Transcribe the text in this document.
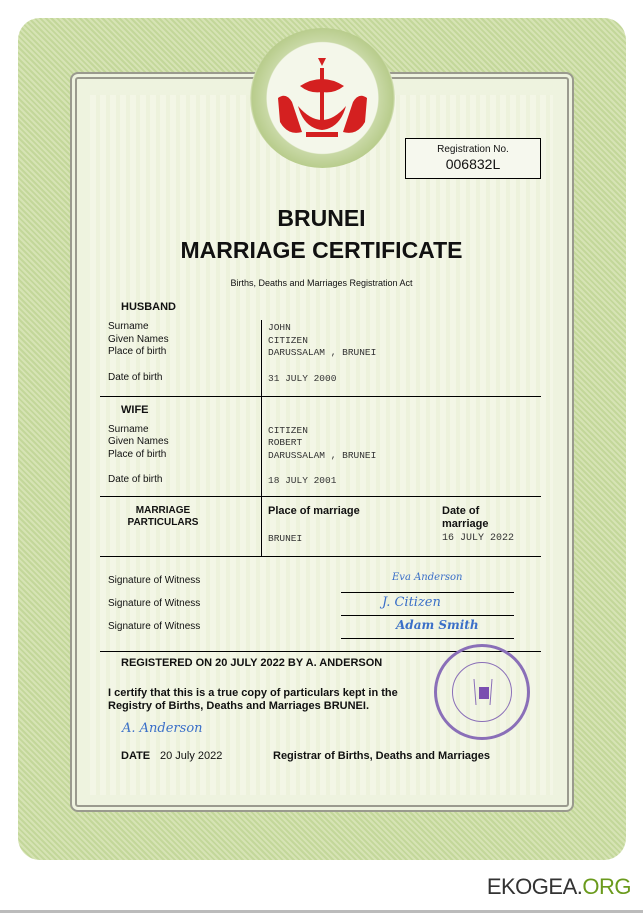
Registration No.
006832L
BRUNEI
MARRIAGE CERTIFICATE
Births, Deaths and Marriages Registration Act
HUSBAND
Surname
Given Names
Place of birth
Date of birth
JOHN
CITIZEN
DARUSSALAM , BRUNEI
31 JULY 2000
WIFE
Surname
Given Names
Place of birth
Date of birth
CITIZEN
ROBERT
DARUSSALAM , BRUNEI
18 JULY 2001
MARRIAGE
PARTICULARS
Place of marriage
BRUNEI
Date of
marriage
16 JULY 2022
Signature of Witness
Signature of Witness
Signature of Witness
Eva Anderson
J. Citizen
Adam Smith
REGISTERED ON 20 JULY 2022 BY A. ANDERSON
I certify that this is a true copy of particulars kept in the
Registry of Births, Deaths and Marriages BRUNEI.
A. Anderson
DATE 20 July 2022	Registrar of Births, Deaths and Marriages
EKOGEA.ORG
